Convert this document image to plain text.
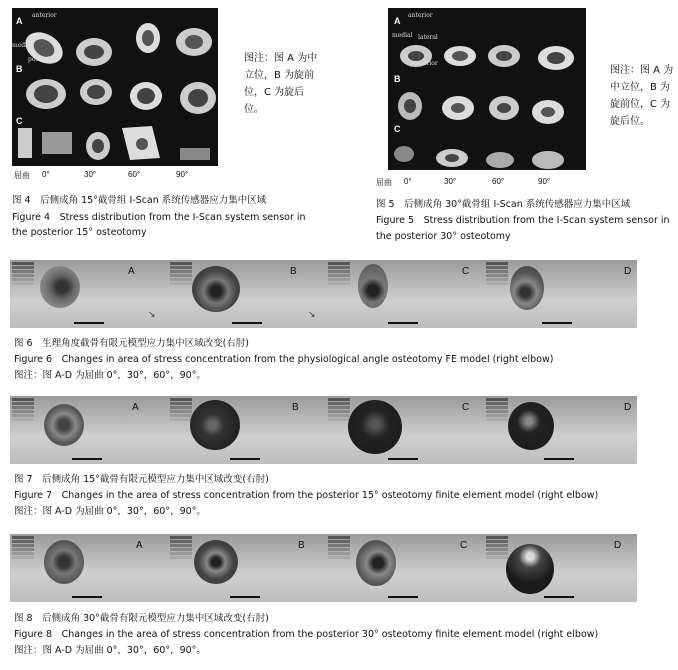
A
B
C
anterior
medial
posterior
屈曲 0°	30°	60°	90°
图注：图 A 为中立位，B 为旋前位，C 为旋后位。
图 4　后侧成角 15°截骨组 I-Scan 系统传感器应力集中区域
Figure 4　Stress distribution from the I-Scan system sensor in
the posterior 15° osteotomy
A
B
C
anterior
medial lateral
posterior
屈曲 0°	30°	60°	90°
图注：图 A 为中立位，B 为旋前位，C 为旋后位。
图 5　后侧成角 30°截骨组 I-Scan 系统传感器应力集中区域
Figure 5　Stress distribution from the I-Scan system sensor in
the posterior 30° osteotomy
A
↘
B
↘
C	D
图 6　生理角度截骨有限元模型应力集中区域改变(右肘)
Figure 6　Changes in area of stress concentration from the physiological angle osteotomy FE model (right elbow)
图注：图 A-D 为屈曲 0°，30°，60°，90°。
A	B	C	D
图 7　后侧成角 15°截骨有限元模型应力集中区域改变(右肘)
Figure 7　Changes in the area of stress concentration from the posterior 15° osteotomy finite element model (right elbow)
图注：图 A-D 为屈曲 0°，30°，60°，90°。
A	B	C	D
图 8　后侧成角 30°截骨有限元模型应力集中区域改变(右肘)
Figure 8　Changes in the area of stress concentration from the posterior 30° osteotomy finite element model (right elbow)
图注：图 A-D 为屈曲 0°，30°，60°，90°。
